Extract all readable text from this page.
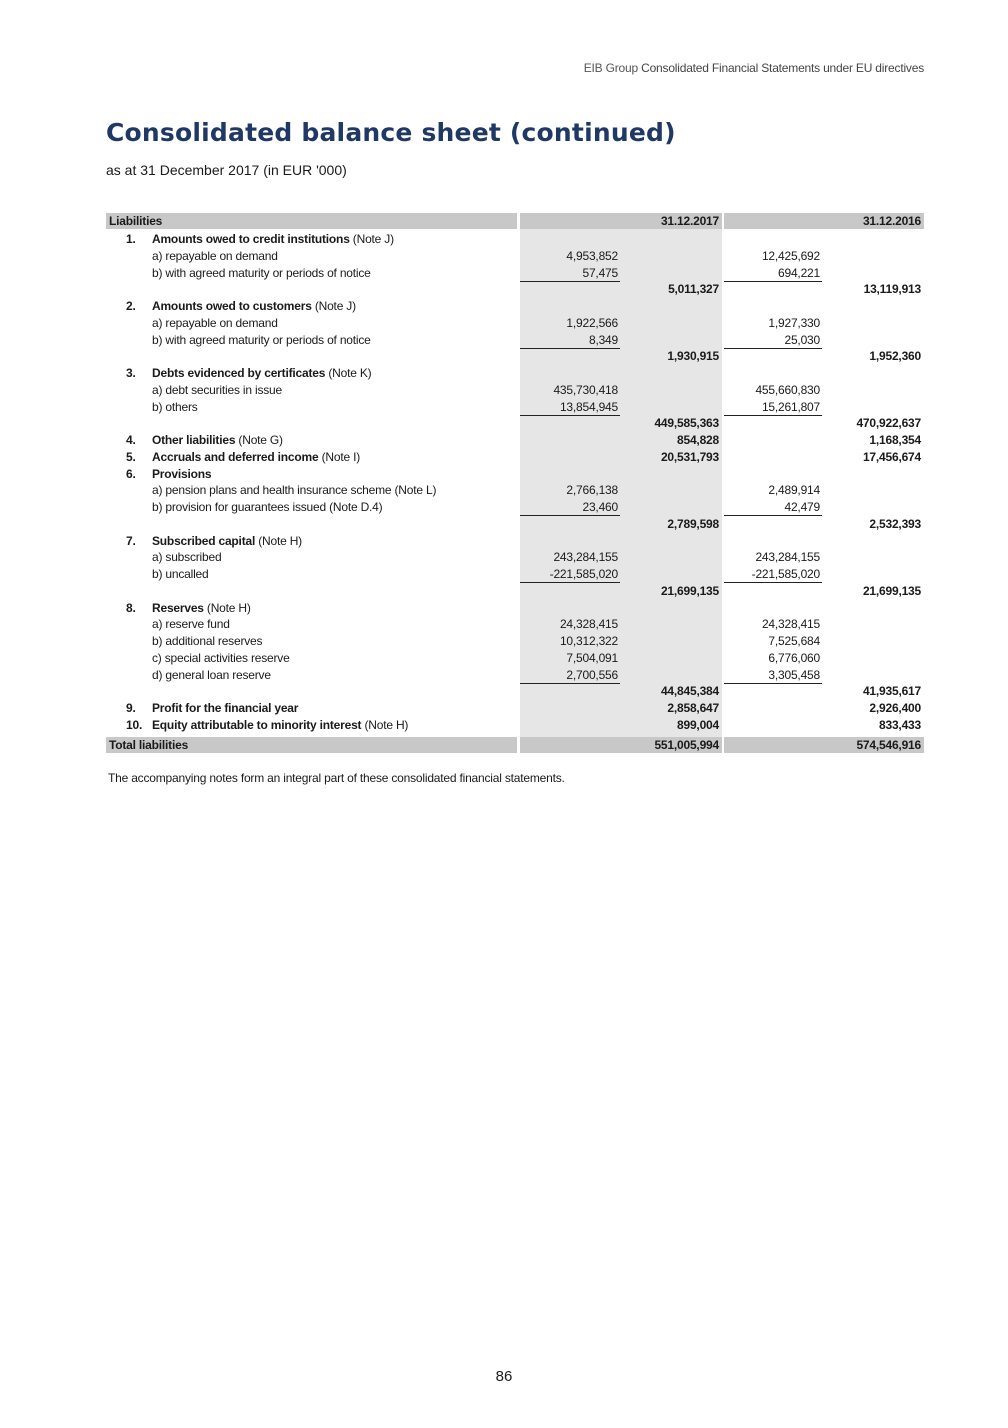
EIB Group Consolidated Financial Statements under EU directives
Consolidated balance sheet (continued)
as at 31 December 2017 (in EUR '000)
Liabilities	31.12.2017	31.12.2016
1. Amounts owed to credit institutions (Note J)
a) repayable on demand	4,953,852	12,425,692
b) with agreed maturity or periods of notice	57,475	694,221
5,011,327	13,119,913
2. Amounts owed to customers (Note J)
a) repayable on demand	1,922,566	1,927,330
b) with agreed maturity or periods of notice	8,349	25,030
1,930,915	1,952,360
3. Debts evidenced by certificates (Note K)
a) debt securities in issue	435,730,418	455,660,830
b) others	13,854,945	15,261,807
449,585,363	470,922,637
4. Other liabilities (Note G)	854,828	1,168,354
5. Accruals and deferred income (Note I)	20,531,793	17,456,674
6. Provisions
a) pension plans and health insurance scheme (Note L)	2,766,138	2,489,914
b) provision for guarantees issued (Note D.4)	23,460	42,479
2,789,598	2,532,393
7. Subscribed capital (Note H)
a) subscribed	243,284,155	243,284,155
b) uncalled	-221,585,020	-221,585,020
21,699,135	21,699,135
8. Reserves (Note H)
a) reserve fund	24,328,415	24,328,415
b) additional reserves	10,312,322	7,525,684
c) special activities reserve	7,504,091	6,776,060
d) general loan reserve	2,700,556	3,305,458
44,845,384	41,935,617
9. Profit for the financial year	2,858,647	2,926,400
10. Equity attributable to minority interest (Note H)	899,004	833,433
Total liabilities	551,005,994	574,546,916
The accompanying notes form an integral part of these consolidated financial statements.
86
